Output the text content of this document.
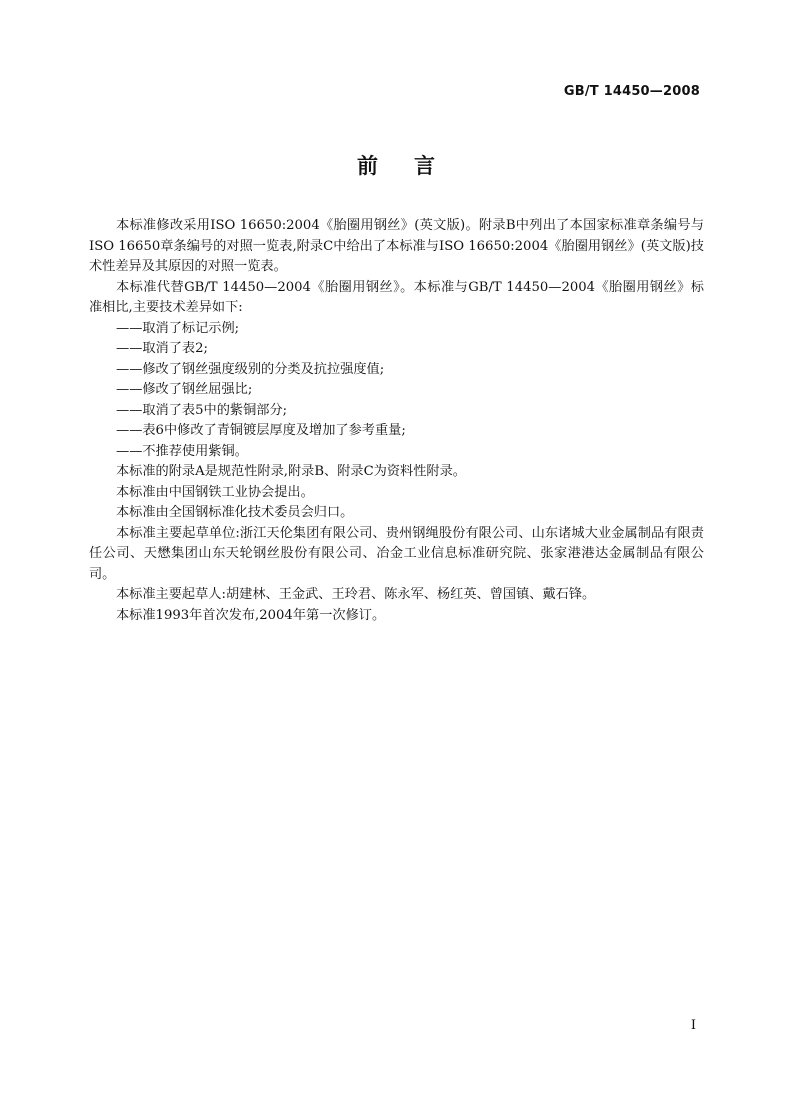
GB/T 14450—2008
前言

本标准修改采用ISO 16650:2004《胎圈用钢丝》(英文版)。附录B中列出了本国家标准章条编号与ISO 16650章条编号的对照一览表,附录C中给出了本标准与ISO 16650:2004《胎圈用钢丝》(英文版)技术性差异及其原因的对照一览表。

本标准代替GB/T 14450—2004《胎圈用钢丝》。本标准与GB/T 14450—2004《胎圈用钢丝》标准相比,主要技术差异如下:

——取消了标记示例;

——取消了表2;

——修改了钢丝强度级别的分类及抗拉强度值;

——修改了钢丝屈强比;

——取消了表5中的紫铜部分;

——表6中修改了青铜镀层厚度及增加了参考重量;

——不推荐使用紫铜。

本标准的附录A是规范性附录,附录B、附录C为资料性附录。

本标准由中国钢铁工业协会提出。

本标准由全国钢标准化技术委员会归口。

本标准主要起草单位:浙江天伦集团有限公司、贵州钢绳股份有限公司、山东诸城大业金属制品有限责任公司、天懋集团山东天轮钢丝股份有限公司、冶金工业信息标准研究院、张家港港达金属制品有限公司。

本标准主要起草人:胡建林、王金武、王玲君、陈永军、杨红英、曾国镇、戴石锋。

本标准1993年首次发布,2004年第一次修订。

I
